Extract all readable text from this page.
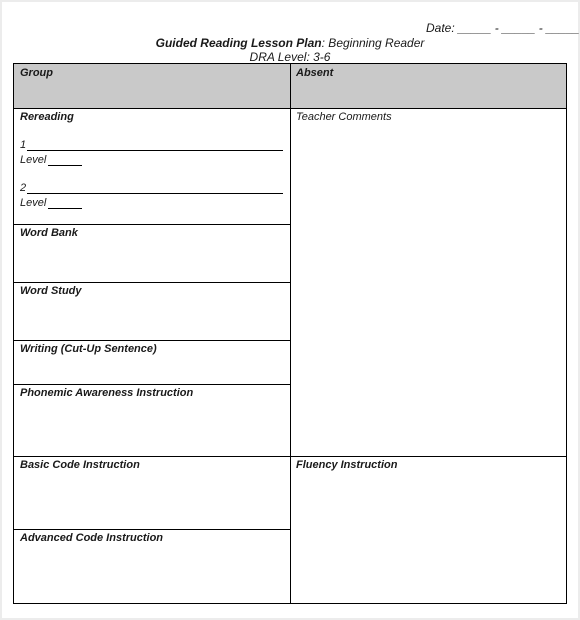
Date: _____ - _____ - _____
Guided Reading Lesson Plan: Beginning Reader
DRA Level: 3-6
Group
Rereading
1
Level
2
Level
Word Bank
Word Study
Writing (Cut-Up Sentence)
Phonemic Awareness Instruction
Basic Code Instruction
Advanced Code Instruction
Absent
Teacher Comments
Fluency Instruction
